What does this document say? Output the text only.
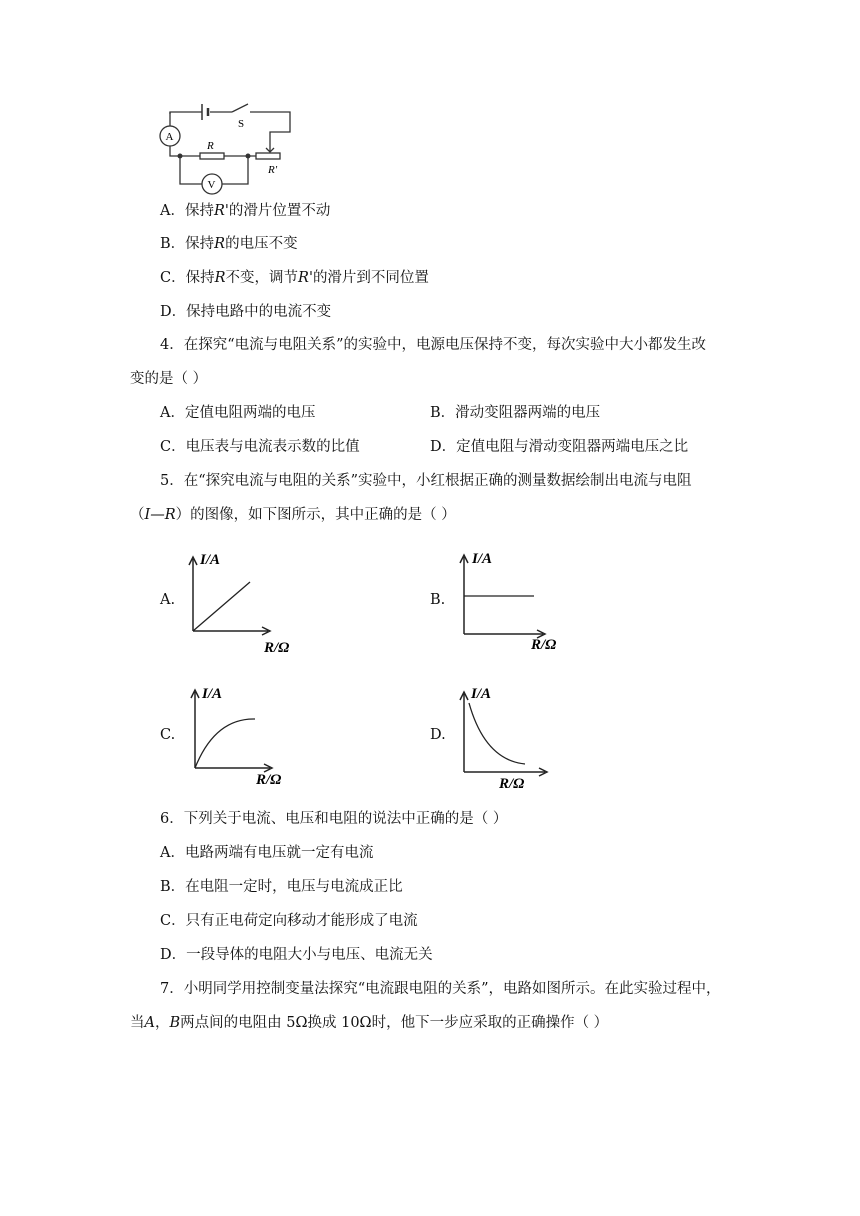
S
A
V
R
R'
A．保持R'的滑片位置不动
B．保持R的电压不变
C．保持R不变，调节R'的滑片到不同位置
D．保持电路中的电流不变
4．在探究“电流与电阻关系”的实验中，电源电压保持不变，每次实验中大小都发生改
变的是（ ）
A．定值电阻两端的电压	B．滑动变阻器两端的电压
C．电压表与电流表示数的比值	D．定值电阻与滑动变阻器两端电压之比
5．在“探究电流与电阻的关系”实验中，小红根据正确的测量数据绘制出电流与电阻
（I—R）的图像，如下图所示，其中正确的是（ ）
A.
I/A
R/Ω
B.
I/A
R/Ω
C.
I/A
R/Ω
D.
I/A
R/Ω
6．下列关于电流、电压和电阻的说法中正确的是（ ）
A．电路两端有电压就一定有电流
B．在电阻一定时，电压与电流成正比
C．只有正电荷定向移动才能形成了电流
D．一段导体的电阻大小与电压、电流无关
7．小明同学用控制变量法探究“电流跟电阻的关系”，电路如图所示。在此实验过程中，
当A，B两点间的电阻由 5Ω换成 10Ω时，他下一步应采取的正确操作（ ）
